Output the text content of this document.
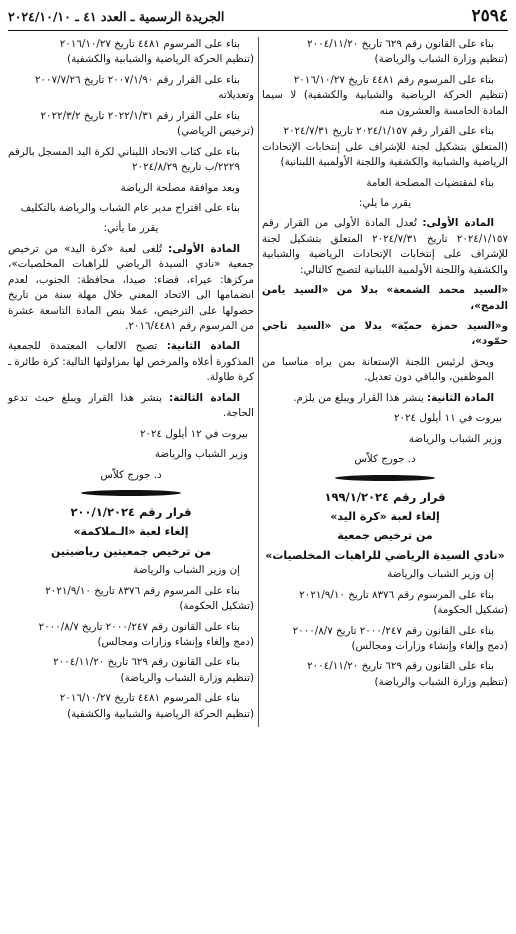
٢٥٩٤
الجريدة الرسمية ـ العدد ٤١ ـ ٢٠٢٤/١٠/١٠

بناء على القانون رقم ٦٢٩ تاريخ ٢٠٠٤/١١/٢٠
(تنظيم وزارة الشباب والرياضة)

بناء على المرسوم رقم ٤٤٨١ تاريخ ٢٠١٦/١٠/٢٧
(تنظيم الحركة الرياضية والشبابية والكشفية) لا سيما المادة الخامسة والعشرون منه

بناء على القرار رقم ٢٠٢٤/١/١٥٧ تاريخ ٢٠٢٤/٧/٣١
(المتعلق بتشكيل لجنة للإشراف على إنتخابات الإتحادات الرياضية والشبابية والكشفية واللجنة الأولمبية اللبنانية)

بناء لمقتضيات المصلحة العامة

يقرر ما يلي:

المادة الأولى: تُعدل المادة الأولى من القرار رقم ٢٠٢٤/١/١٥٧ تاريخ ٢٠٢٤/٧/٣١ المتعلق بتشكيل لجنة للإشراف على إنتخابات الإتحادات الرياضية والشبابية والكشفية واللجنة الأولمبية اللبنانية لتصبح كالتالي:

«السيد محمد الشمعة» بدلا من «السيد يامن الدمج»،

و«السيد حمزة حميّة» بدلا من «السيد ناجي حمّود»،

ويحق لرئيس اللجنة الإستعانة بمن يراه مناسبا من الموظفين، والباقي دون تعديل.

المادة الثانية: ينشر هذا القرار ويبلغ من يلزم.

بيروت في ١١ أيلول ٢٠٢٤

وزير الشباب والرياضة

د. جورج كلاّس

قرار رقم ١٩٩/١/٢٠٢٤

إلغاء لعبة «كرة اليد»

من ترخيص جمعية

«نادي السيدة الرياضي للراهبات المخلصيات»

إن وزير الشباب والرياضة

بناء على المرسوم رقم ٨٣٧٦ تاريخ ٢٠٢١/٩/١٠
(تشكيل الحكومة)

بناء على القانون رقم ٢٠٠٠/٢٤٧ تاريخ ٢٠٠٠/٨/٧
(دمج وإلغاء وإنشاء وزارات ومجالس)

بناء على القانون رقم ٦٢٩ تاريخ ٢٠٠٤/١١/٢٠
(تنظيم وزارة الشباب والرياضة)

بناء على المرسوم ٤٤٨١ تاريخ ٢٠١٦/١٠/٢٧
(تنظيم الحركة الرياضية والشبابية والكشفية)

بناء على القرار رقم ٢٠٠٧/١/٩٠ تاريخ ٢٠٠٧/٧/٢٦
وتعديلاته

بناء على القرار رقم ٢٠٢٢/١/٣١ تاريخ ٢٠٢٢/٣/٢
(ترخيص الرياضي)

بناء على كتاب الاتحاد اللبناني لكرة اليد المسجل بالرقم ٢٢٢٩/ب تاريخ ٢٠٢٤/٨/٢٩

وبعد موافقة مصلحة الرياضة

بناء على اقتراح مدير عام الشباب والرياضة بالتكليف

يقرر ما يأتي:

المادة الأولى: تُلغى لعبة «كرة اليد» من ترخيص جمعية «نادي السيدة الرياضي للراهبات المخلصيات»، مركزها: عيراء، قضاء: صيدا، محافظة: الجنوب، لعدم انضمامها الى الاتحاد المعني خلال مهلة سنة من تاريخ حصولها على الترخيص، عملا بنص المادة التاسعة عشرة من المرسوم رقم ٢٠١٦/٤٤٨١.

المادة الثانية: تصبح الالعاب المعتمدة للجمعية المذكورة أعلاه والمرخص لها بمزاولتها التالية: كرة طائرة ـ كرة طاولة.

المادة الثالثة: ينشر هذا القرار ويبلغ حيث تدعو الحاجة.

بيروت في ١٢ أيلول ٢٠٢٤

وزير الشباب والرياضة

د. جورج كلاّس

قرار رقم ٢٠٠/١/٢٠٢٤

إلغاء لعبة «الـملاكمة»

من ترخيص جمعيتين رياضيتين

إن وزير الشباب والرياضة

بناء على المرسوم رقم ٨٣٧٦ تاريخ ٢٠٢١/٩/١٠
(تشكيل الحكومة)

بناء على القانون رقم ٢٠٠٠/٢٤٧ تاريخ ٢٠٠٠/٨/٧
(دمج وإلغاء وإنشاء وزارات ومجالس)

بناء على القانون رقم ٦٢٩ تاريخ ٢٠٠٤/١١/٢٠
(تنظيم وزارة الشباب والرياضة)

بناء على المرسوم ٤٤٨١ تاريخ ٢٠١٦/١٠/٢٧
(تنظيم الحركة الرياضية والشبابية والكشفية)
